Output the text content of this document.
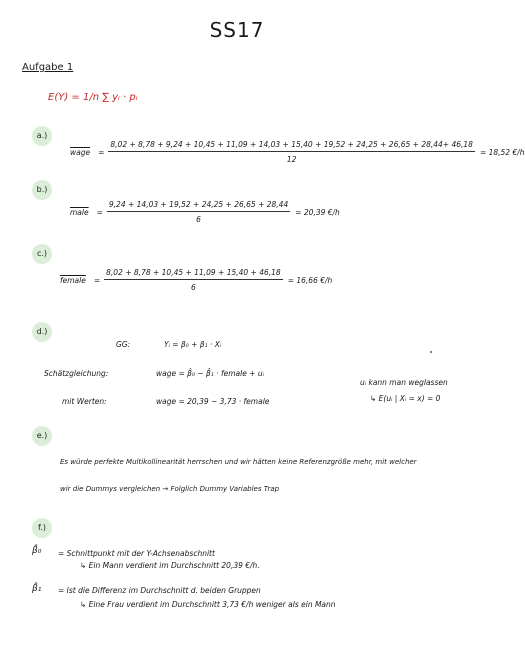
SS17
Aufgabe 1
E(Y) = 1/n ∑ yᵢ · pᵢ
a.)
wage =
8,02 + 8,78 + 9,24 + 10,45 + 11,09 + 14,03 + 15,40 + 19,52 + 24,25 + 26,65 + 28,44+ 46,18
12
= 18,52 €/h
b.)
male = $\frac{9,24 + 14,03 + 19,52 + 24,25 + 26,65 + 28,44}{6} = 20,39$ €/h
c.)
female = $\frac{8,02 + 8,78 + 10,45 + 11,09 + 15,40 + 46,18}{6} = 16,66$ €/h
d.)
GG:	Yᵢ = β₀ + β₁ · Xᵢ
Schätzgleichung:	wage = β̂₀ − β̂₁ · female + uᵢ
uᵢ kann man weglassen
mit Werten:	wage = 20,39 − 3,73 · female	↳ E(uᵢ | Xᵢ = x) = 0
e.)
Es würde perfekte Multikollinearität herrschen und wir hätten keine Referenzgröße mehr, mit welcher
wir die Dummys vergleichen → Folglich Dummy Variables Trap
f.)
β̂₀ = Schnittpunkt mit der Y-Achsenabschnitt
↳ Ein Mann verdient im Durchschnitt 20,39 €/h.
β̂₁ = Ist die Differenz im Durchschnitt d. beiden Gruppen
↳ Eine Frau verdient im Durchschnitt 3,73 €/h weniger als ein Mann
